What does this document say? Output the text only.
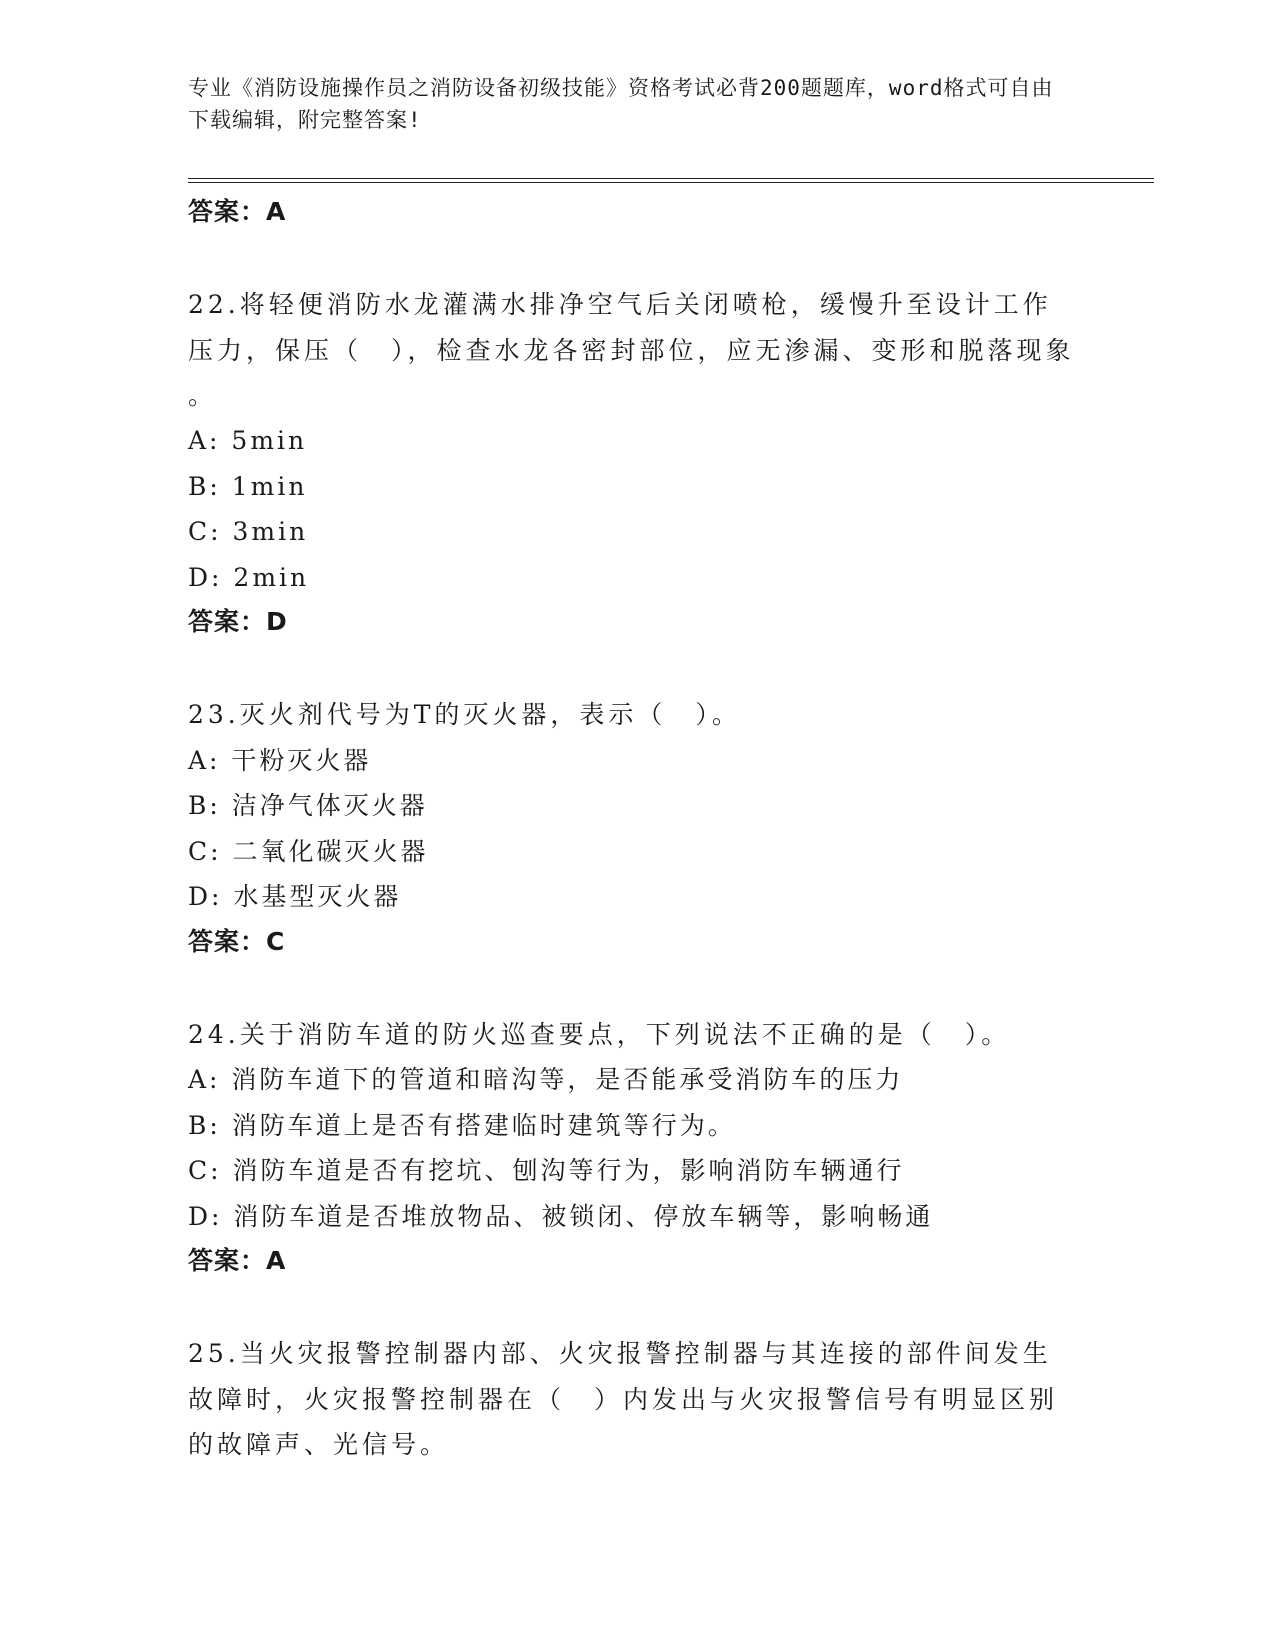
专业《消防设施操作员之消防设备初级技能》资格考试必背200题题库，word格式可自由下载编辑，附完整答案!
答案：A
22.将轻便消防水龙灌满水排净空气后关闭喷枪，缓慢升至设计工作压力，保压（　），检查水龙各密封部位，应无渗漏、变形和脱落现象
。
A: 5min
B: 1min
C: 3min
D: 2min
答案：D
23.灭火剂代号为T的灭火器，表示（　）。
A: 干粉灭火器
B: 洁净气体灭火器
C: 二氧化碳灭火器
D: 水基型灭火器
答案：C
24.关于消防车道的防火巡查要点，下列说法不正确的是（　）。
A: 消防车道下的管道和暗沟等，是否能承受消防车的压力
B: 消防车道上是否有搭建临时建筑等行为。
C: 消防车道是否有挖坑、刨沟等行为，影响消防车辆通行
D: 消防车道是否堆放物品、被锁闭、停放车辆等，影响畅通
答案：A
25.当火灾报警控制器内部、火灾报警控制器与其连接的部件间发生故障时，火灾报警控制器在（　）内发出与火灾报警信号有明显区别的故障声、光信号。
